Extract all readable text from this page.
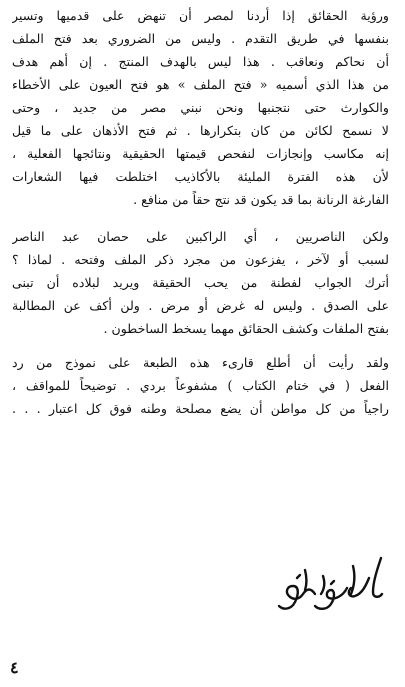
ورؤية الحقائق إذا أردنا لمصر أن تنهض على قدميها وتسير
بنفسها في طريق التقدم . وليس من الضروري بعد فتح الملف
أن نحاكم ونعاقب . هذا ليس بالهدف المنتج . إن أهم هدف
من هذا الذي أسميه « فتح الملف » هو فتح العيون على الأخطاء
والكوارث حتى نتجنبها ونحن نبني مصر من جديد ، وحتى
لا نسمح لكائن من كان بتكرارها . ثم فتح الأذهان على ما قيل
إنه مكاسب وإنجازات لنفحص قيمتها الحقيقية ونتائجها الفعلية ،
لأن هذه الفترة المليئة بالأكاذيب اختلطت فيها الشعارات
الفارغة الرنانة بما قد يكون قد نتج حقاً من منافع .
ولكن الناصريين ، أي الراكبين على حصان عبد الناصر
لسبب أو لآخر ، يفزعون من مجرد ذكر الملف وفتحه . لماذا ؟
أترك الجواب لفطنة من يحب الحقيقة ويريد لبلاده أن تبنى
على الصدق . وليس له غرض أو مرض . ولن أكف عن المطالبة
بفتح الملفات وكشف الحقائق مهما يسخط الساخطون .
ولقد رأيت أن أطلع قارىء هذه الطبعة على نموذج من رد
الفعل ( في ختام الكتاب ) مشفوعاً بردي . توضيحاً للمواقف ،
راجياً من كل مواطن أن يضع مصلحة وطنه فوق كل اعتبار . . .
٤
